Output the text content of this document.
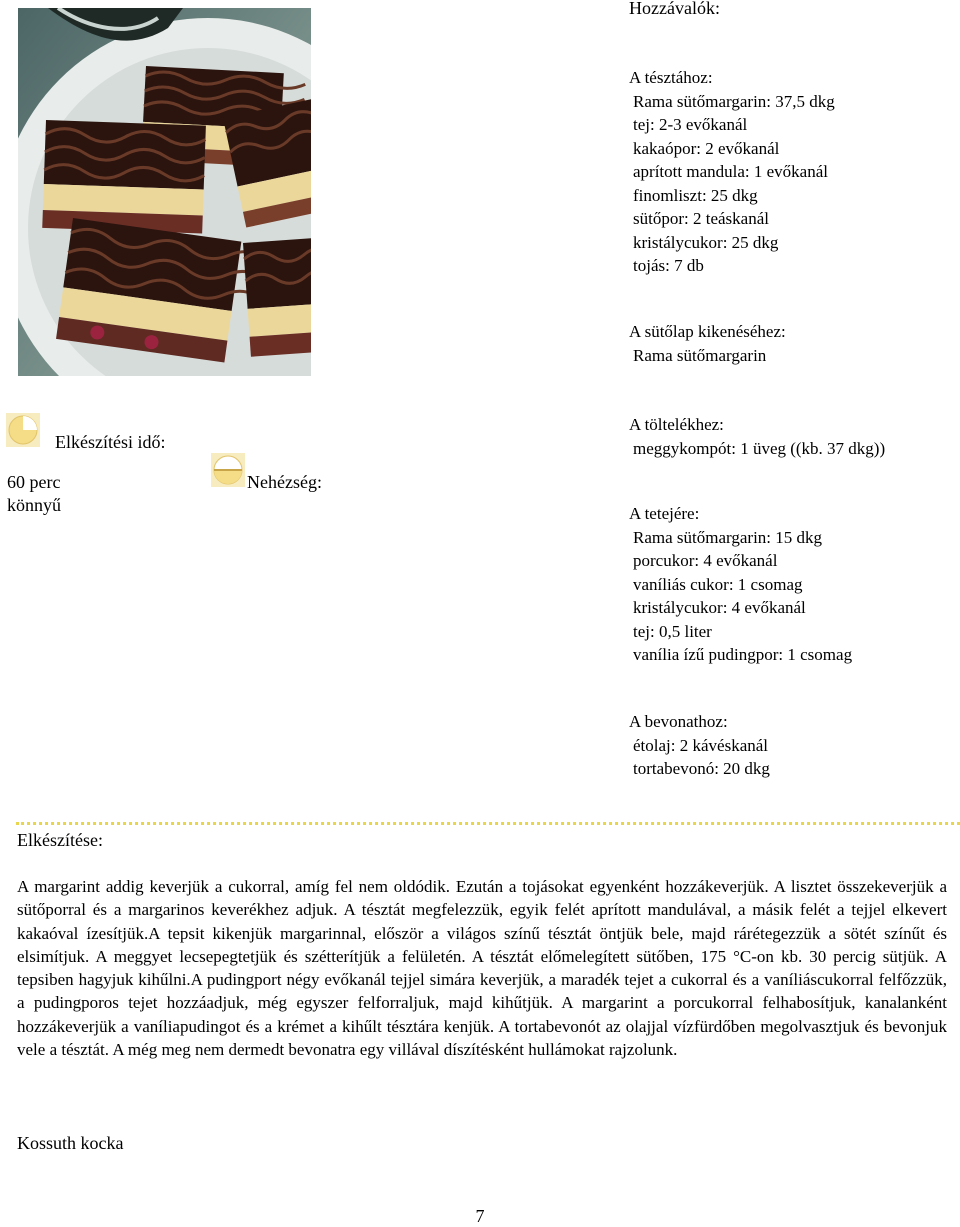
Hozzávalók:
A tésztához:
Rama sütőmargarin: 37,5 dkg
tej: 2-3 evőkanál
kakaópor: 2 evőkanál
aprított mandula: 1 evőkanál
finomliszt: 25 dkg
sütőpor: 2 teáskanál
kristálycukor: 25 dkg
tojás: 7 db
A sütőlap kikenéséhez:
Rama sütőmargarin
A töltelékhez:
meggykompót: 1 üveg ((kb. 37 dkg))
A tetejére:
Rama sütőmargarin: 15 dkg
porcukor: 4 evőkanál
vaníliás cukor: 1 csomag
kristálycukor: 4 evőkanál
tej: 0,5 liter
vanília ízű pudingpor: 1 csomag
A bevonathoz:
étolaj: 2 kávéskanál
tortabevonó: 20 dkg
Elkészítési idő:
60 perc
könnyű
Nehézség:
Elkészítése:
A margarint addig keverjük a cukorral, amíg fel nem oldódik. Ezután a tojásokat egyenként hozzákeverjük. A lisztet összekeverjük a sütőporral és a margarinos keverékhez adjuk. A tésztát megfelezzük, egyik felét aprított mandulával, a másik felét a tejjel elkevert kakaóval ízesítjük.A tepsit kikenjük margarinnal, először a világos színű tésztát öntjük bele, majd rárétegezzük a sötét színűt és elsimítjuk. A meggyet lecsepegtetjük és szétterítjük a felületén. A tésztát előmelegített sütőben, 175 °C-on kb. 30 percig sütjük. A tepsiben hagyjuk kihűlni.A pudingport négy evőkanál tejjel simára keverjük, a maradék tejet a cukorral és a vaníliáscukorral felfőzzük, a pudingporos tejet hozzáadjuk, még egyszer felforraljuk, majd kihűtjük. A margarint a porcukorral felhabosítjuk, kanalanként hozzákeverjük a vaníliapudingot és a krémet a kihűlt tésztára kenjük. A tortabevonót az olajjal vízfürdőben megolvasztjuk és bevonjuk vele a tésztát. A még meg nem dermedt bevonatra egy villával díszítésként hullámokat rajzolunk.
Kossuth kocka
7
